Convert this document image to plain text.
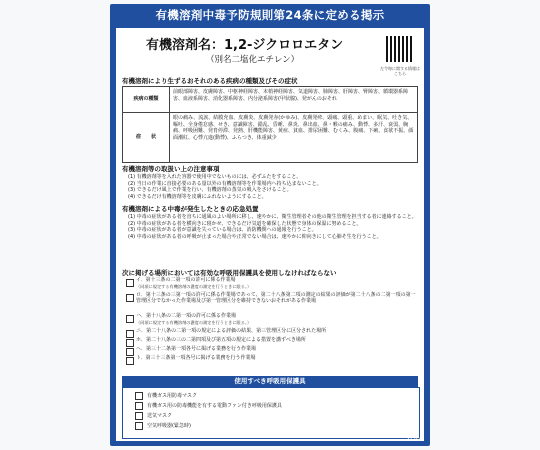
有機溶剤中毒予防規則第24条に定める掲示
有機溶剤名：1,2-ジクロロエタン
（別名二塩化エチレン）
左令毎に関する情報はこちら
有機溶剤により生ずるおそれのある疾病の種類及びその症状
疾病の種類	前眼部障害、皮膚障害、中枢神経障害、末梢神経障害、気道障害、肺障害、肝障害、腎障害、循環器系障害、血液系障害、消化器系障害、内分泌系障害(甲状腺)、発がんのおそれ
症　　状	眼の痛み、流涙、結膜充血、皮膚炎、皮膚発赤(かゆみ)、皮膚発疹、頭痛、頭重、めまい、眠気、吐き気、嘔吐、全身倦怠感、せき、意識障害、錯乱、昏睡、鼻炎、鼻出血、鼻・喉の痛み、動悸、多汗、衰弱、胸痛、呼吸困難、発育停滞、発熱、肝機能障害、黄疸、貧血、排尿困難、むくみ、腹痛、下痢、食欲不振、顔面潮紅、心悸亢進(動悸)、ふらつき、体重減少
有機溶剤等の取扱い上の注意事項
(1) 有機溶剤等を入れた容器で使用中でないものには、必ずふたをすること。
(2) 当日の作業に直接必要のある量以外の有機溶剤等を作業場内へ持ち込まないこと。
(3) できるだけ風上で作業を行い、有機溶剤の蒸気の吸入をさけること。
(4) できるだけ有機溶剤等を皮膚にふれないようにすること。
有機溶剤による中毒が発生したときの応急処置
(1) 中毒の症状がある者を直ちに通風のよい場所に移し、速やかに、衛生管理者その他の衛生管理を担当する者に連絡すること。
(2) 中毒の症状がある者を横向きに寝かせ、できるだけ気道を確保した状態で身体の保温に努めること。
(3) 中毒の症状がある者が意識を失っている場合は、消防機関への通報を行うこと。
(4) 中毒の症状がある者の呼吸が止まった場合や正常でない場合は、速やかに仰向きにして心肺そ生を行うこと。
次に掲げる場所においては有効な呼吸用保護具を使用しなければならない
イ．第十三条の二第一項の許可に係る作業場
（同項に規定する有機溶剤の濃度の測定を行うときに限る。）
ロ．第十三条の三第一項の許可に係る作業場であって、第二十八条第二項の測定の結果の評価が第二十八条の二第一項の第一管理区分でなかった作業場及び第一管理区分を維持できないおそれがある作業場
ハ．第十八条の二第一項の許可に係る作業場
（同項に規定する有機溶剤の濃度の測定を行うときに限る。）
ニ．第二十八条の二第一項の規定による評価の結果、第三管理区分に区分された場所
ホ．第二十八条の三の二第四項及び第五項の規定による措置を講ずべき場所
ヘ．第三十二条第一項各号に掲げる業務を行う作業場
ト．第三十三条第一項各号に掲げる業務を行う作業場
使用すべき呼吸用保護具
有機ガス用防毒マスク
有機ガス用の防毒機能を有する電動ファン付き呼吸用保護具
送気マスク
空気呼吸器(緊急時)
412549
